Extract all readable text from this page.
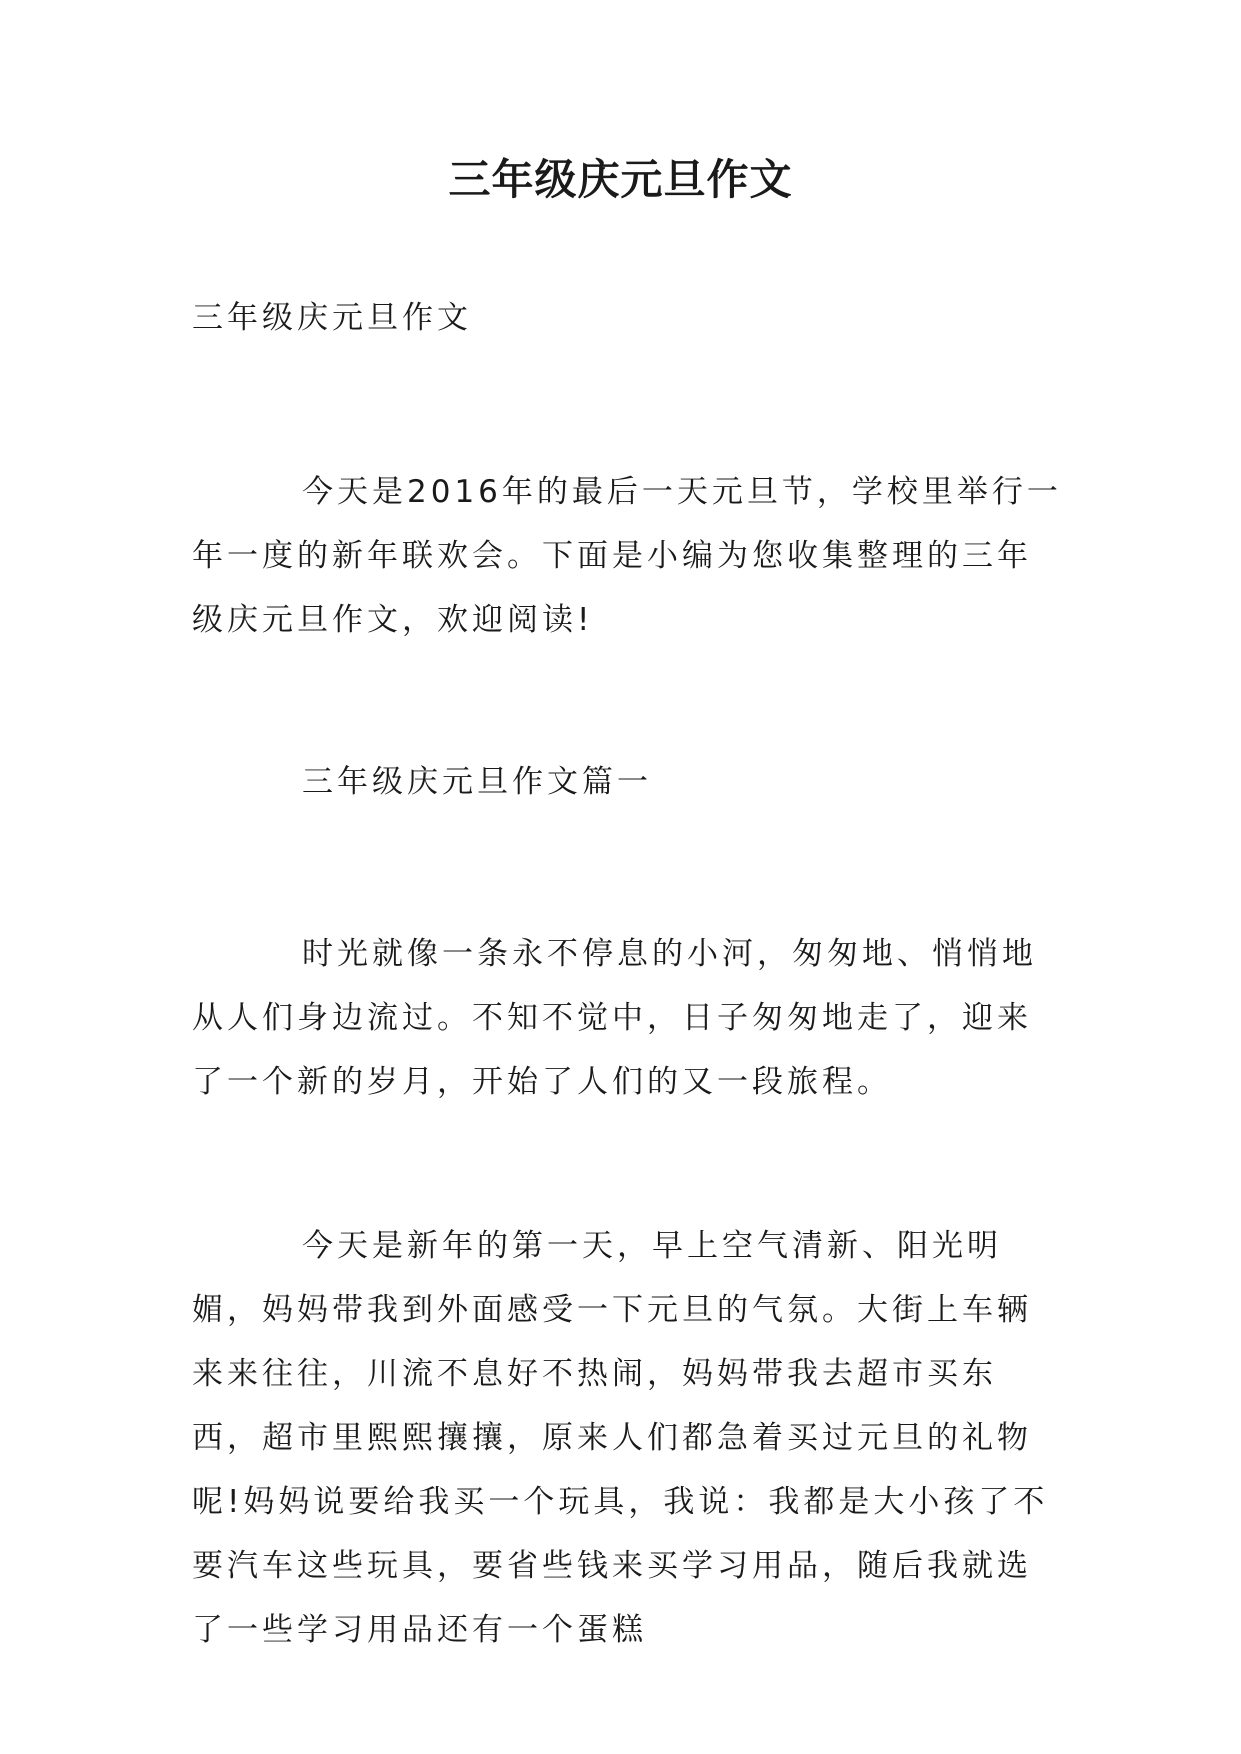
三年级庆元旦作文

三年级庆元旦作文

今天是2016年的最后一天元旦节，学校里举行一年一度的新年联欢会。下面是小编为您收集整理的三年级庆元旦作文，欢迎阅读!

三年级庆元旦作文篇一

时光就像一条永不停息的小河，匆匆地、悄悄地从人们身边流过。不知不觉中，日子匆匆地走了，迎来了一个新的岁月，开始了人们的又一段旅程。

今天是新年的第一天，早上空气清新、阳光明媚，妈妈带我到外面感受一下元旦的气氛。大街上车辆来来往往，川流不息好不热闹，妈妈带我去超市买东西，超市里熙熙攘攘，原来人们都急着买过元旦的礼物呢!妈妈说要给我买一个玩具，我说：我都是大小孩了不要汽车这些玩具，要省些钱来买学习用品，随后我就选了一些学习用品还有一个蛋糕
